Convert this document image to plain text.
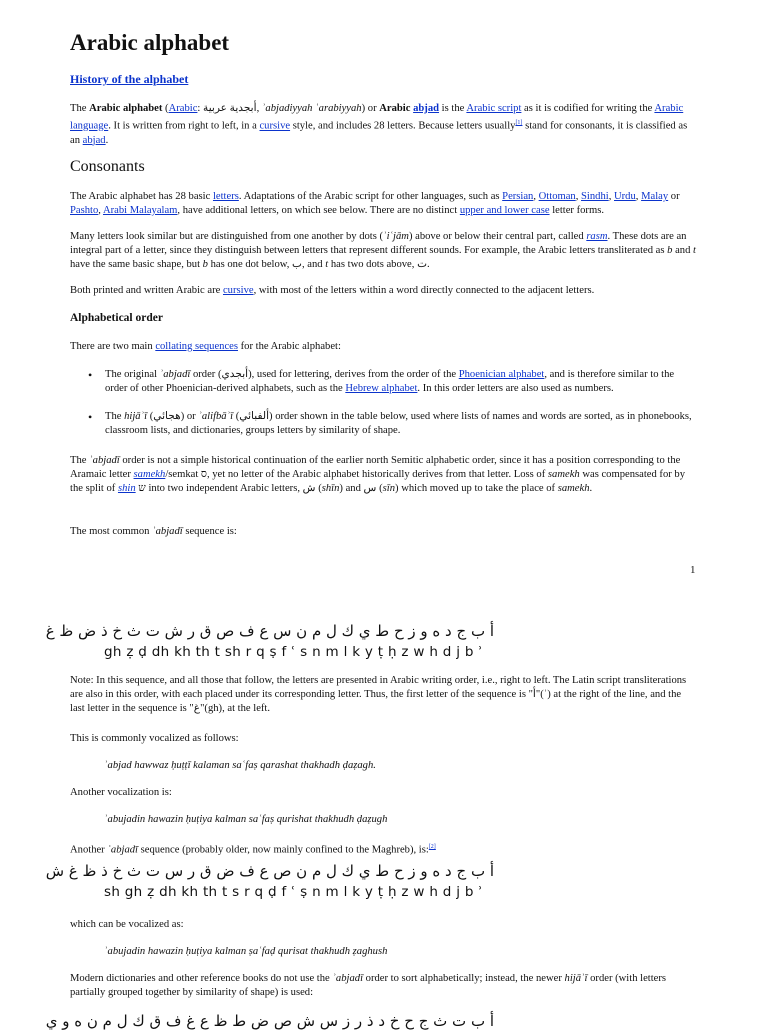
Arabic alphabet
History of the alphabet

The Arabic alphabet (Arabic: أبجدية عربية, ʾabjadiyyah ʿarabiyyah) or Arabic abjad is the Arabic script as it is codified for writing the Arabic language. It is written from right to left, in a cursive style, and includes 28 letters. Because letters usually[1] stand for consonants, it is classified as an abjad.

Consonants

The Arabic alphabet has 28 basic letters. Adaptations of the Arabic script for other languages, such as Persian, Ottoman, Sindhi, Urdu, Malay or Pashto, Arabi Malayalam, have additional letters, on which see below. There are no distinct upper and lower case letter forms.

Many letters look similar but are distinguished from one another by dots (ʾiʿjām) above or below their central part, called rasm. These dots are an integral part of a letter, since they distinguish between letters that represent different sounds. For example, the Arabic letters transliterated as b and t have the same basic shape, but b has one dot below, ب, and t has two dots above, ت.

Both printed and written Arabic are cursive, with most of the letters within a word directly connected to the adjacent letters.

Alphabetical order

There are two main collating sequences for the Arabic alphabet:

• The original ʾabjadī order (أبجدي), used for lettering, derives from the order of the Phoenician alphabet, and is therefore similar to the order of other Phoenician-derived alphabets, such as the Hebrew alphabet. In this order letters are also used as numbers.
• The hijāʾī (هجائي) or ʾalifbāʾī (ألفبائي) order shown in the table below, used where lists of names and words are sorted, as in phonebooks, classroom lists, and dictionaries, groups letters by similarity of shape.

The ʾabjadī order is not a simple historical continuation of the earlier north Semitic alphabetic order, since it has a position corresponding to the Aramaic letter samekh/semkat ס, yet no letter of the Arabic alphabet historically derives from that letter. Loss of samekh was compensated for by the split of shin ש into two independent Arabic letters, ش (shīn) and س (sīn) which moved up to take the place of samekh.

The most common ʾabjadī sequence is:

1
أ ب ج د ه و ز ح ط ي ك ل م ن س ع ف ص ق ر ش ت ث خ ذ ض ظ غ
gh ẓ ḍ dh kh th t sh r q ṣ f ʿ s n m l k y ṭ ḥ z w h d j b ʾ

Note: In this sequence, and all those that follow, the letters are presented in Arabic writing order, i.e., right to left. The Latin script transliterations are also in this order, with each placed under its corresponding letter. Thus, the first letter of the sequence is "أ"(ʾ) at the right of the line, and the last letter in the sequence is "غ"(gh), at the left.

This is commonly vocalized as follows:

ʾabjad hawwaz ḥuṭṭī kalaman saʿfaṣ qarashat thakhadh ḍaẓagh.

Another vocalization is:

ʾabujadin hawazin ḥuṭiya kalman saʿfaṣ qurishat thakhudh ḍaẓugh

Another ʾabjadī sequence (probably older, now mainly confined to the Maghreb), is:[2]

أ ب ج د ه و ز ح ط ي ك ل م ن ص ع ف ض ق ر س ت ث خ ذ ظ غ ش
sh gh ẓ dh kh th t s r q ḍ f ʿ ṣ n m l k y ṭ ḥ z w h d j b ʾ

which can be vocalized as:

ʾabujadin hawazin ḥuṭiya kalman ṣaʿfaḍ qurisat thakhudh ẓaghush

Modern dictionaries and other reference books do not use the ʾabjadī order to sort alphabetically; instead, the newer hijāʾī order (with letters partially grouped together by similarity of shape) is used:

أ ب ت ث ج ح خ د ذ ر ز س ش ص ض ط ظ ع غ ف ق ك ل م ن ه و ي
